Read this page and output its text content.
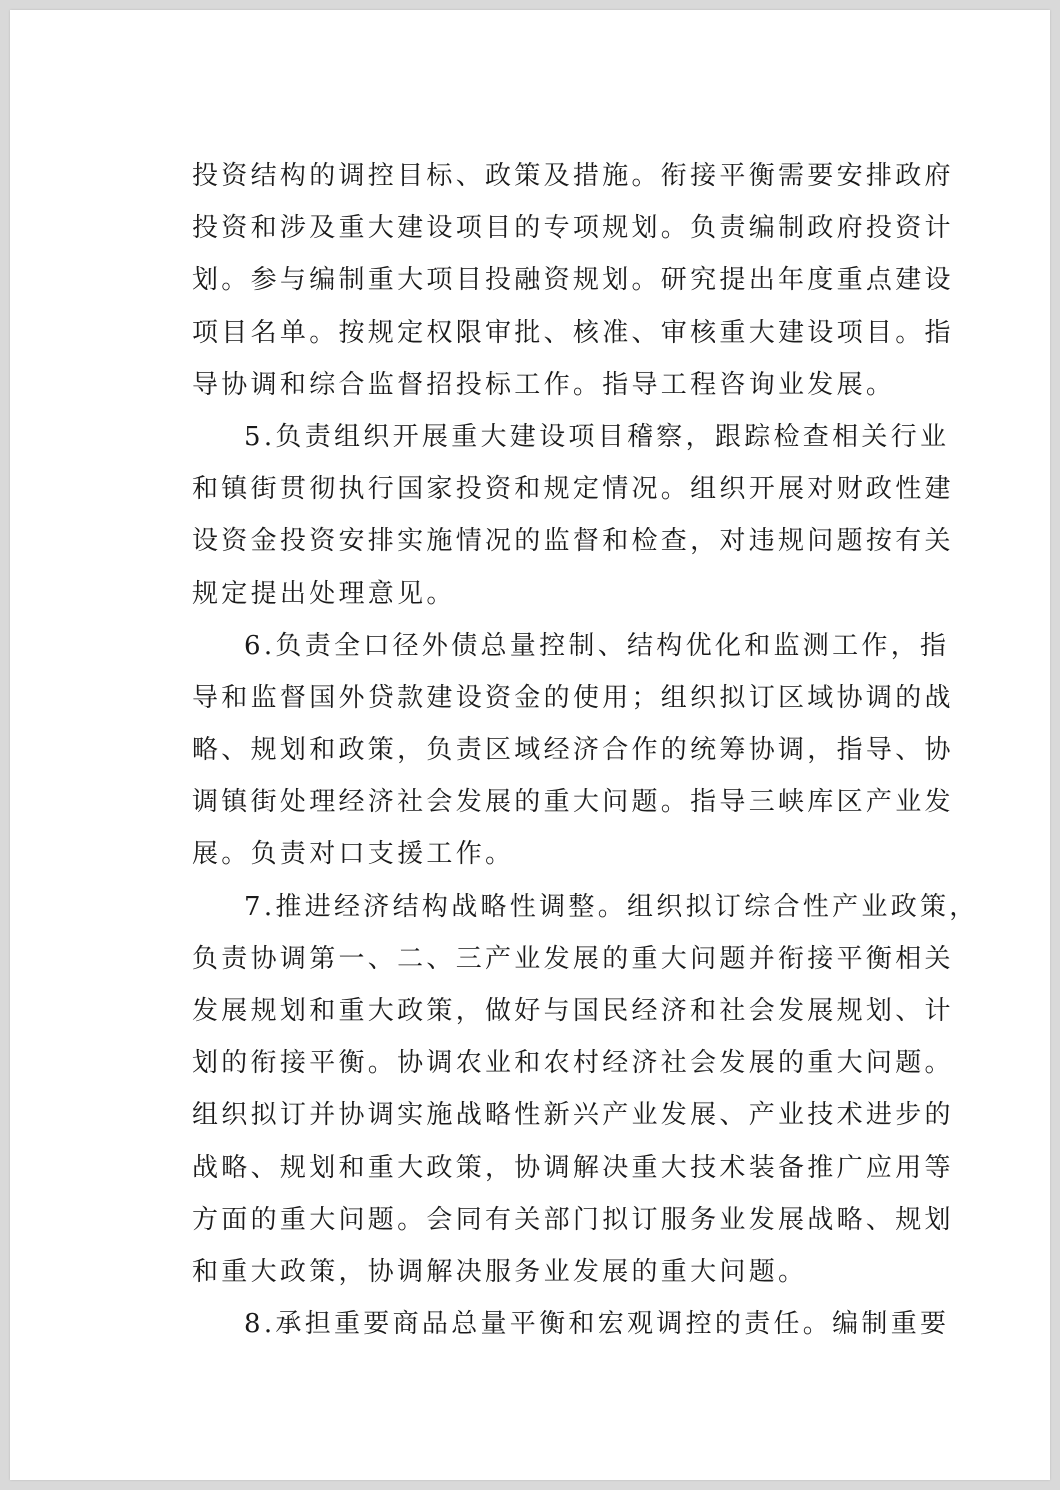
投资结构的调控目标、政策及措施。衔接平衡需要安排政府
投资和涉及重大建设项目的专项规划。负责编制政府投资计
划。参与编制重大项目投融资规划。研究提出年度重点建设
项目名单。按规定权限审批、核准、审核重大建设项目。指
导协调和综合监督招投标工作。指导工程咨询业发展。
5.负责组织开展重大建设项目稽察，跟踪检查相关行业
和镇街贯彻执行国家投资和规定情况。组织开展对财政性建
设资金投资安排实施情况的监督和检查，对违规问题按有关
规定提出处理意见。
6.负责全口径外债总量控制、结构优化和监测工作，指
导和监督国外贷款建设资金的使用；组织拟订区域协调的战
略、规划和政策，负责区域经济合作的统筹协调，指导、协
调镇街处理经济社会发展的重大问题。指导三峡库区产业发
展。负责对口支援工作。
7.推进经济结构战略性调整。组织拟订综合性产业政策，
负责协调第一、二、三产业发展的重大问题并衔接平衡相关
发展规划和重大政策，做好与国民经济和社会发展规划、计
划的衔接平衡。协调农业和农村经济社会发展的重大问题。
组织拟订并协调实施战略性新兴产业发展、产业技术进步的
战略、规划和重大政策，协调解决重大技术装备推广应用等
方面的重大问题。会同有关部门拟订服务业发展战略、规划
和重大政策，协调解决服务业发展的重大问题。
8.承担重要商品总量平衡和宏观调控的责任。编制重要
